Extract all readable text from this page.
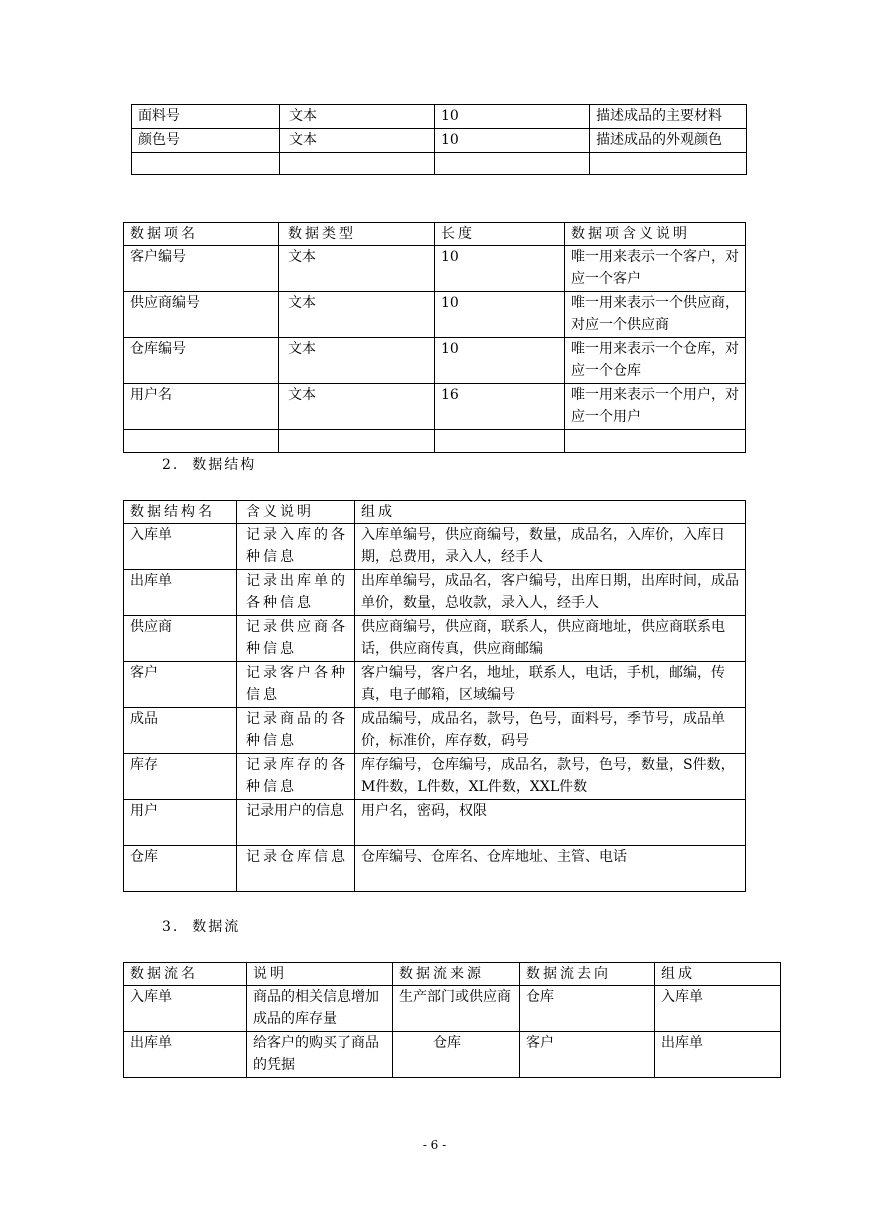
面料号	文本	10	描述成品的主要材料
颜色号	文本	10	描述成品的外观颜色

数据项名	数据类型	长度	数据项含义说明
客户编号	文本	10	唯一用来表示一个客户，对应一个客户
供应商编号	文本	10	唯一用来表示一个供应商，对应一个供应商
仓库编号	文本	10	唯一用来表示一个仓库，对应一个仓库
用户名	文本	16	唯一用来表示一个用户，对应一个用户

2. 数据结构
数据结构名	含义说明	组成
入库单	记录入库的各种信息	入库单编号，供应商编号，数量，成品名，入库价，入库日期，总费用，录入人，经手人
出库单	记录出库单的各种信息	出库单编号，成品名，客户编号，出库日期，出库时间，成品单价，数量，总收款，录入人，经手人
供应商	记录供应商各种信息	供应商编号，供应商，联系人，供应商地址，供应商联系电话，供应商传真，供应商邮编
客户	记录客户各种信息	客户编号，客户名，地址，联系人，电话，手机，邮编，传真，电子邮箱，区域编号
成品	记录商品的各种信息	成品编号，成品名，款号，色号，面料号，季节号，成品单价，标准价，库存数，码号
库存	记录库存的各种信息	库存编号，仓库编号，成品名，款号，色号，数量，S件数，M件数，L件数，XL件数，XXL件数
用户	记录用户的信息	用户名，密码，权限
仓库	记录仓库信息	仓库编号、仓库名、仓库地址、主管、电话
3. 数据流
数据流名	说明	数据流来源	数据流去向	组成
入库单	商品的相关信息增加成品的库存量	生产部门或供应商	仓库	入库单
出库单	给客户的购买了商品的凭据	仓库	客户	出库单
- 6 -
